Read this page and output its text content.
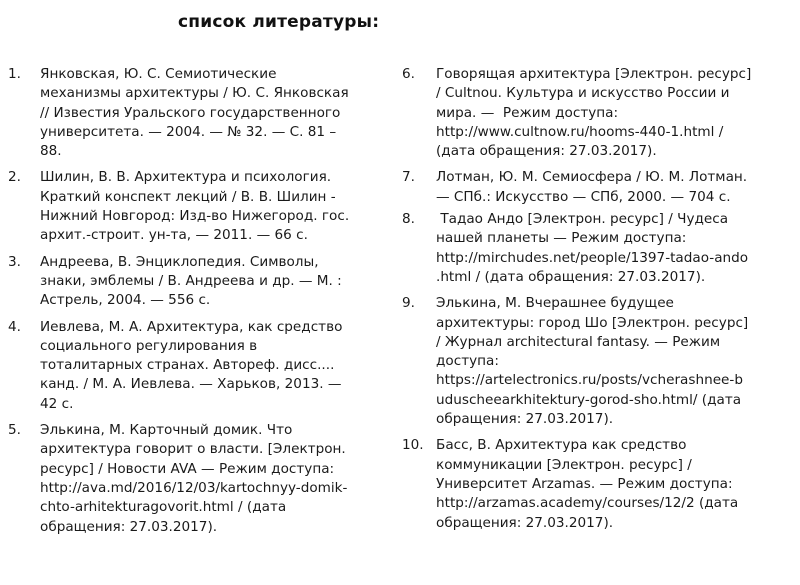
список литературы:
1. Янковская, Ю. С. Семиотические
механизмы архитектуры / Ю. С. Янковская
// Известия Уральского государственного
университета. — 2004. — № 32. — С. 81 –
88.
2. Шилин, В. В. Архитектура и психология.
Краткий конспект лекций / В. В. Шилин -
Нижний Новгород: Изд-во Нижегород. гос.
архит.-строит. ун-та, — 2011. — 66 с.
3. Андреева, В. Энциклопедия. Символы,
знаки, эмблемы / В. Андреева и др. — М. :
Астрель, 2004. — 556 с.
4. Иевлева, М. А. Архитектура, как средство
социального регулирования в
тоталитарных странах. Автореф. дисс....
канд. / М. А. Иевлева. — Харьков, 2013. —
42 с.
5. Элькина, М. Карточный домик. Что
архитектура говорит о власти. [Электрон.
ресурс] / Новости AVA — Режим доступа:
http://ava.md/2016/12/03/kartochnyy-domik-
chto-arhitekturagovorit.html / (дата
обращения: 27.03.2017).
6. Говорящая архитектура [Электрон. ресурс]
/ Cultnou. Культура и искусство России и
мира. —  Режим доступа:
http://www.cultnow.ru/hooms-440-1.html /
(дата обращения: 27.03.2017).
7. Лотман, Ю. М. Семиосфера / Ю. М. Лотман.
— СПб.: Искусство — СПб, 2000. — 704 с.
8.	Тадао Андо [Электрон. ресурс] / Чудеса
нашей планеты — Режим доступа:
http://mirchudes.net/people/1397-tadao-ando
.html / (дата обращения: 27.03.2017).
9. Элькина, М. Вчерашнее будущее
архитектуры: город Шо [Электрон. ресурс]
/ Журнал architectural fantasy. — Режим
доступа:
https://artelectronics.ru/posts/vcherashnee-b
uduscheearkhitektury-gorod-sho.html/ (дата
обращения: 27.03.2017).
10. Басс, В. Архитектура как средство
коммуникации [Электрон. ресурс] /
Университет Arzamas. — Режим доступа:
http://arzamas.academy/courses/12/2 (дата
обращения: 27.03.2017).
